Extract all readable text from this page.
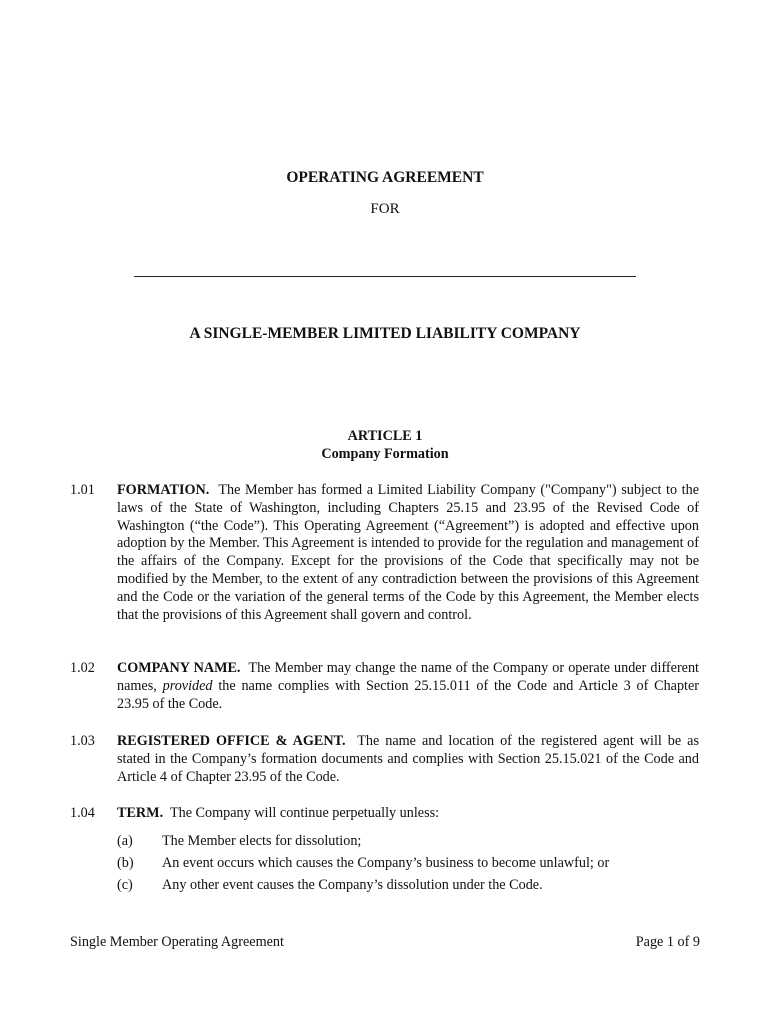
OPERATING AGREEMENT
FOR
A SINGLE-MEMBER LIMITED LIABILITY COMPANY
ARTICLE 1
Company Formation
1.01 FORMATION. The Member has formed a Limited Liability Company ("Company") subject to the laws of the State of Washington, including Chapters 25.15 and 23.95 of the Revised Code of Washington (“the Code”). This Operating Agreement (“Agreement”) is adopted and effective upon adoption by the Member. This Agreement is intended to provide for the regulation and management of the affairs of the Company. Except for the provisions of the Code that specifically may not be modified by the Member, to the extent of any contradiction between the provisions of this Agreement and the Code or the variation of the general terms of the Code by this Agreement, the Member elects that the provisions of this Agreement shall govern and control.
1.02 COMPANY NAME. The Member may change the name of the Company or operate under different names, provided the name complies with Section 25.15.011 of the Code and Article 3 of Chapter 23.95 of the Code.
1.03 REGISTERED OFFICE & AGENT. The name and location of the registered agent will be as stated in the Company’s formation documents and complies with Section 25.15.021 of the Code and Article 4 of Chapter 23.95 of the Code.
1.04 TERM. The Company will continue perpetually unless:
(a) The Member elects for dissolution;
(b) An event occurs which causes the Company’s business to become unlawful; or
(c) Any other event causes the Company’s dissolution under the Code.
Single Member Operating Agreement	Page 1 of 9
